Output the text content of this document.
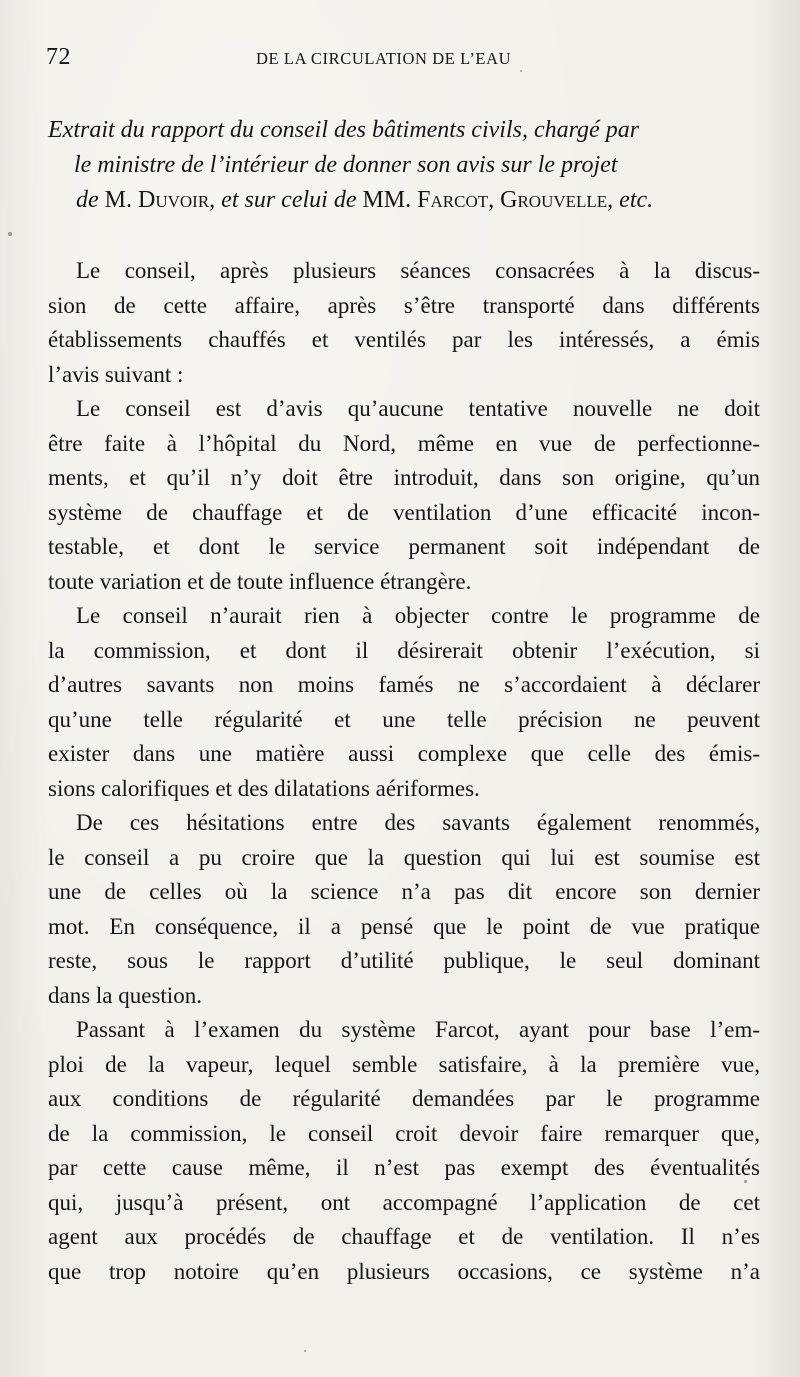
72	DE LA CIRCULATION DE L’EAU
Extrait du rapport du conseil des bâtiments civils, chargé par
le ministre de l’intérieur de donner son avis sur le projet
de M. Duvoir, et sur celui de MM. Farcot, Grouvelle, etc.
Le conseil, après plusieurs séances consacrées à la discus-
sion de cette affaire, après s’être transporté dans différents
établissements chauffés et ventilés par les intéressés, a émis
l’avis suivant :
Le conseil est d’avis qu’aucune tentative nouvelle ne doit
être faite à l’hôpital du Nord, même en vue de perfectionne-
ments, et qu’il n’y doit être introduit, dans son origine, qu’un
système de chauffage et de ventilation d’une efficacité incon-
testable, et dont le service permanent soit indépendant de
toute variation et de toute influence étrangère.
Le conseil n’aurait rien à objecter contre le programme de
la commission, et dont il désirerait obtenir l’exécution, si
d’autres savants non moins famés ne s’accordaient à déclarer
qu’une telle régularité et une telle précision ne peuvent
exister dans une matière aussi complexe que celle des émis-
sions calorifiques et des dilatations aériformes.
De ces hésitations entre des savants également renommés,
le conseil a pu croire que la question qui lui est soumise est
une de celles où la science n’a pas dit encore son dernier
mot. En conséquence, il a pensé que le point de vue pratique
reste, sous le rapport d’utilité publique, le seul dominant
dans la question.
Passant à l’examen du système Farcot, ayant pour base l’em-
ploi de la vapeur, lequel semble satisfaire, à la première vue,
aux conditions de régularité demandées par le programme
de la commission, le conseil croit devoir faire remarquer que,
par cette cause même, il n’est pas exempt des éventualités
qui, jusqu’à présent, ont accompagné l’application de cet
agent aux procédés de chauffage et de ventilation. Il n’es
que trop notoire qu’en plusieurs occasions, ce système n’a
